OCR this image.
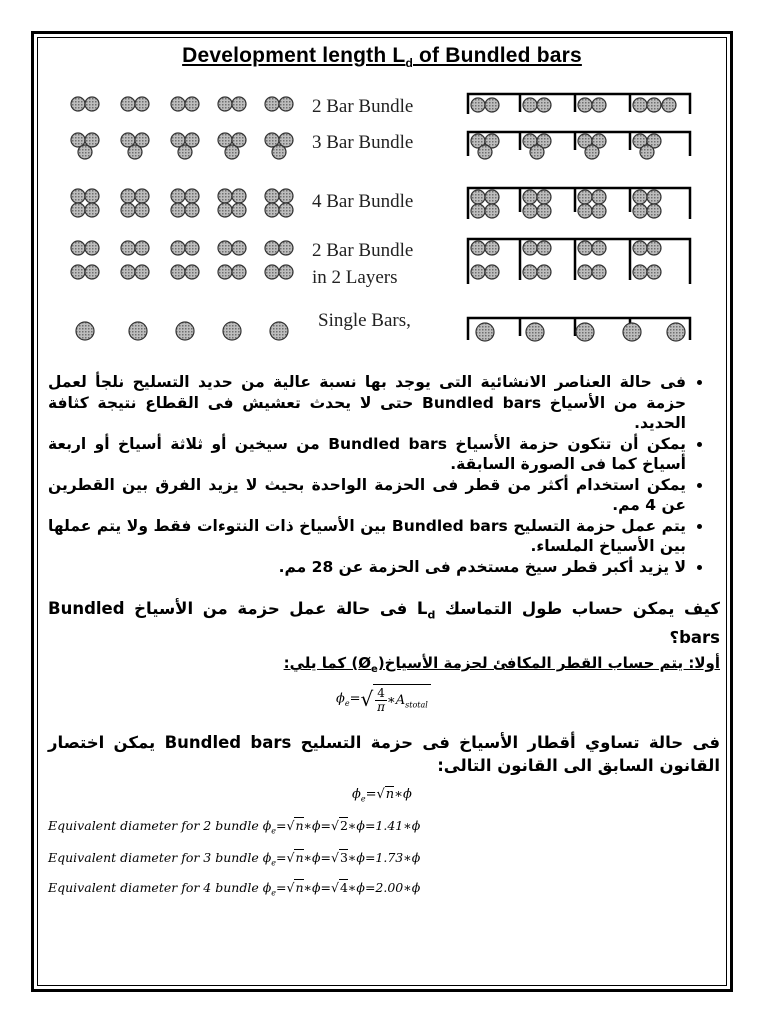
Development length $L_d$ of Bundled bars
2 Bar Bundle
3 Bar Bundle
4 Bar Bundle
2 Bar Bundle
in 2 Layers
Single Bars,
• فى حالة العناصر الانشائية التى يوجد بها نسبة عالية من حديد التسليح نلجأ لعمل حزمة من الأسياخ Bundled bars حتى لا يحدث تعشيش فى القطاع نتيجة كثافة الحديد.
• يمكن أن تتكون حزمة الأسياخ Bundled bars من سيخين أو ثلاثة أسياخ أو اربعة أسياخ كما فى الصورة السابقة.
• يمكن استخدام أكثر من قطر فى الحزمة الواحدة بحيث لا يزيد الفرق بين القطرين عن 4 مم.
• يتم عمل حزمة التسليح Bundled bars بين الأسياخ ذات النتوءات فقط ولا يتم عملها بين الأسياخ الملساء.
• لا يزيد أكبر قطر سيخ مستخدم فى الحزمة عن 28 مم.
كيف يمكن حساب طول التماسك $L_d$ فى حالة عمل حزمة من الأسياخ Bundled bars؟
أولا: يتم حساب القطر المكافئ لحزمة $الأسياخ(Ø_e)$ كما يلي:
$\phi_e=√ \frac{4}{\pi}$ $∗A_{stotal}$
فى حالة تساوي أقطار الأسياخ فى حزمة التسليح Bundled bars يمكن اختصار القانون السابق الى القانون التالى:
$\phi_e=√n∗\phi$
Equivalent diameter for 2 bundle $\phi_e=√n∗\phi=√2∗\phi=1.41∗\phi$
Equivalent diameter for 3 bundle $\phi_e=√n∗\phi=√3∗\phi=1.73∗\phi$
Equivalent diameter for 4 bundle $\phi_e=√n∗\phi=√4∗\phi=2.00∗\phi$
